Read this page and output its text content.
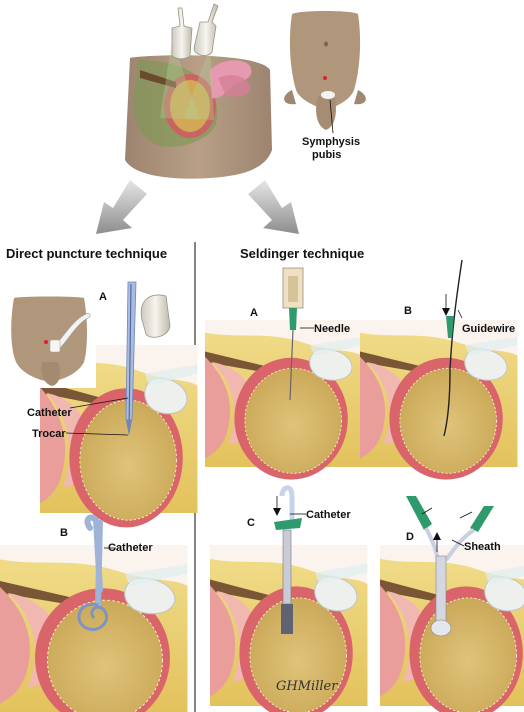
Symphysis
pubis
Direct puncture technique	Seldinger technique
A
Catheter
Trocar
B
Catheter
A
Needle
B
Guidewire
C
Catheter
D
Sheath
GHMiller
